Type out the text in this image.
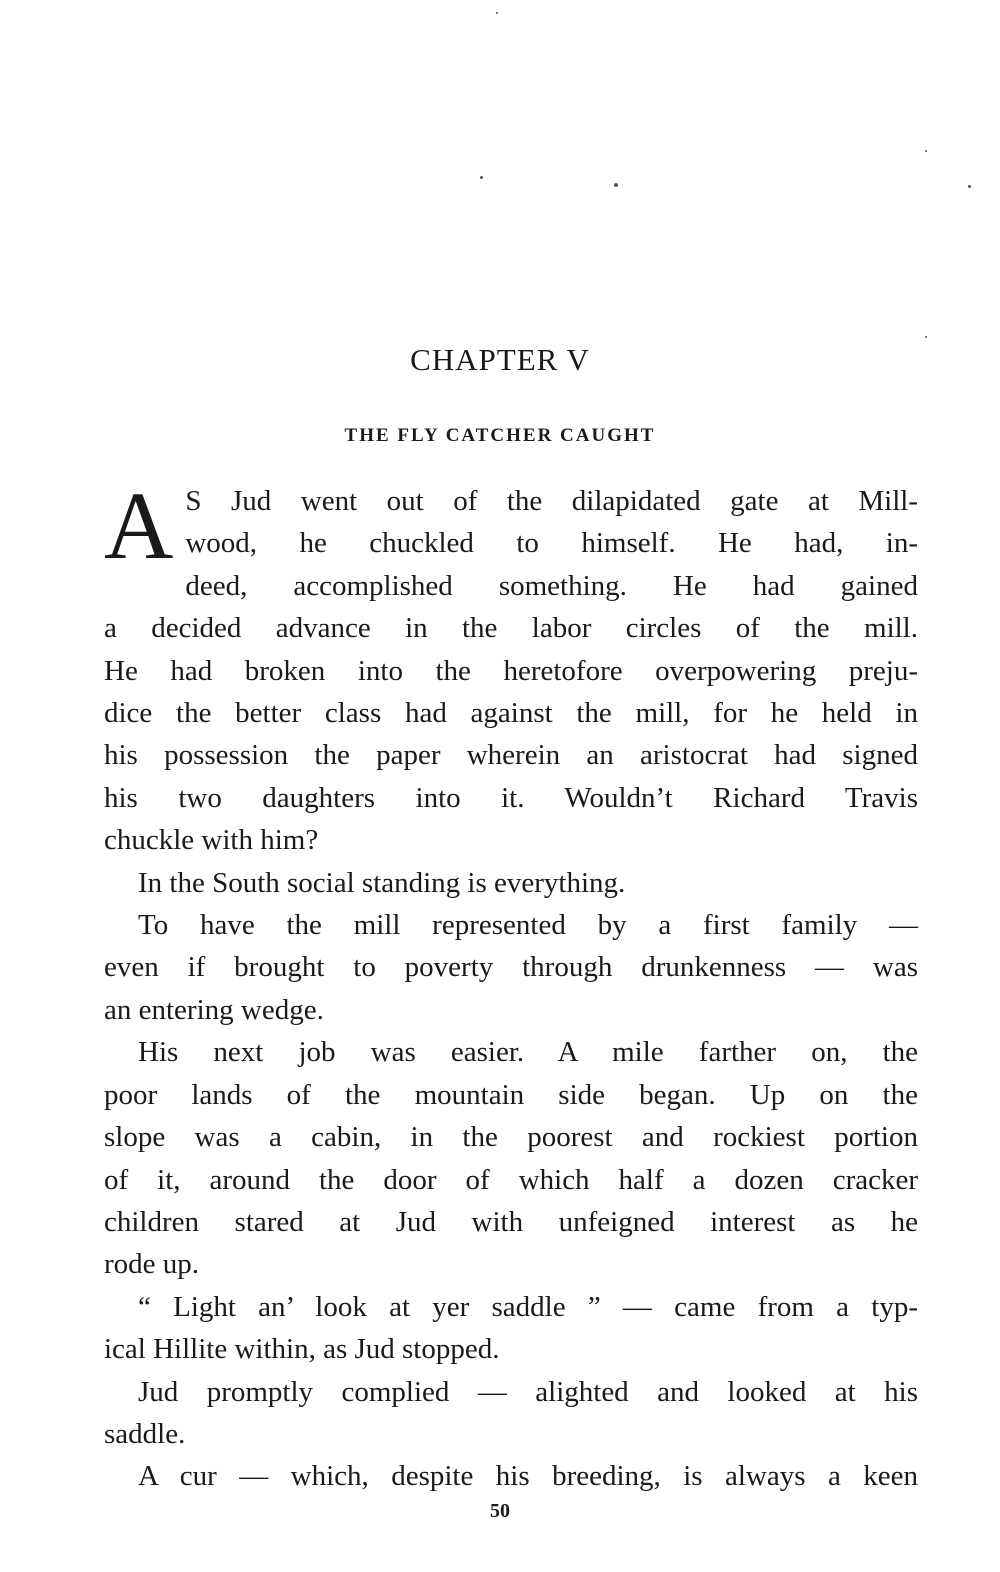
CHAPTER V
THE FLY CATCHER CAUGHT
A S Jud went out of the dilapidated gate at Mill-
wood, he chuckled to himself. He had, in-
deed, accomplished something. He had gained
a decided advance in the labor circles of the mill.
He had broken into the heretofore overpowering preju-
dice the better class had against the mill, for he held in
his possession the paper wherein an aristocrat had signed
his two daughters into it. Wouldn’t Richard Travis
chuckle with him?
In the South social standing is everything.
To have the mill represented by a first family —
even if brought to poverty through drunkenness — was
an entering wedge.
His next job was easier. A mile farther on, the
poor lands of the mountain side began. Up on the
slope was a cabin, in the poorest and rockiest portion
of it, around the door of which half a dozen cracker
children stared at Jud with unfeigned interest as he
rode up.
“ Light an’ look at yer saddle ” — came from a typ-
ical Hillite within, as Jud stopped.
Jud promptly complied — alighted and looked at his
saddle.
A cur — which, despite his breeding, is always a keen
50
